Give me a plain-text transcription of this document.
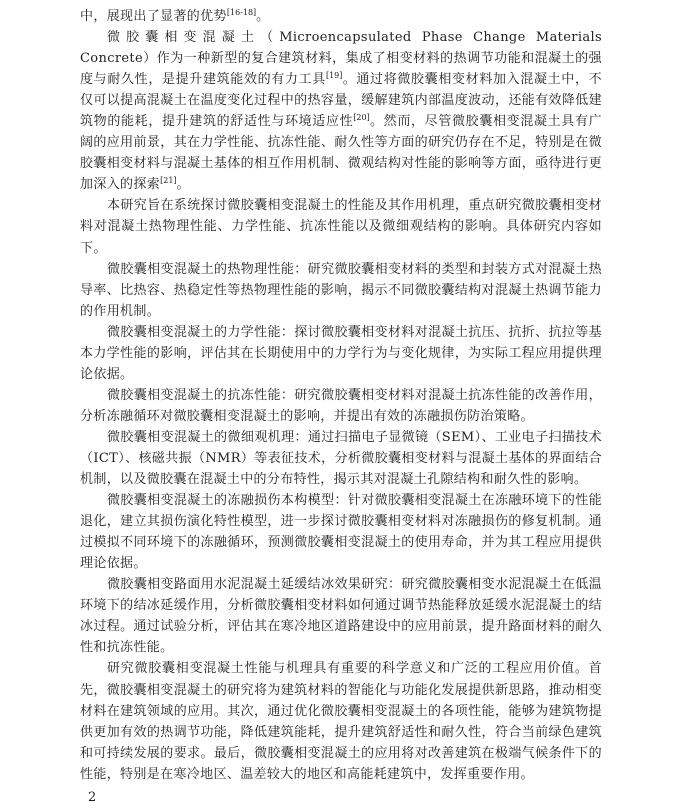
中，展现出了显著的优势[16-18]。

微胶囊相变混凝土（Microencapsulated Phase Change Materials Concrete）作为一种新型的复合建筑材料，集成了相变材料的热调节功能和混凝土的强度与耐久性，是提升建筑能效的有力工具[19]。通过将微胶囊相变材料加入混凝土中，不仅可以提高混凝土在温度变化过程中的热容量，缓解建筑内部温度波动，还能有效降低建筑物的能耗，提升建筑的舒适性与环境适应性[20]。然而，尽管微胶囊相变混凝土具有广阔的应用前景，其在力学性能、抗冻性能、耐久性等方面的研究仍存在不足，特别是在微胶囊相变材料与混凝土基体的相互作用机制、微观结构对性能的影响等方面，亟待进行更加深入的探索[21]。

本研究旨在系统探讨微胶囊相变混凝土的性能及其作用机理，重点研究微胶囊相变材料对混凝土热物理性能、力学性能、抗冻性能以及微细观结构的影响。具体研究内容如下。

微胶囊相变混凝土的热物理性能：研究微胶囊相变材料的类型和封装方式对混凝土热导率、比热容、热稳定性等热物理性能的影响，揭示不同微胶囊结构对混凝土热调节能力的作用机制。

微胶囊相变混凝土的力学性能：探讨微胶囊相变材料对混凝土抗压、抗折、抗拉等基本力学性能的影响，评估其在长期使用中的力学行为与变化规律，为实际工程应用提供理论依据。

微胶囊相变混凝土的抗冻性能：研究微胶囊相变材料对混凝土抗冻性能的改善作用，分析冻融循环对微胶囊相变混凝土的影响，并提出有效的冻融损伤防治策略。

微胶囊相变混凝土的微细观机理：通过扫描电子显微镜（SEM）、工业电子扫描技术（ICT）、核磁共振（NMR）等表征技术，分析微胶囊相变材料与混凝土基体的界面结合机制，以及微胶囊在混凝土中的分布特性，揭示其对混凝土孔隙结构和耐久性的影响。

微胶囊相变混凝土的冻融损伤本构模型：针对微胶囊相变混凝土在冻融环境下的性能退化，建立其损伤演化特性模型，进一步探讨微胶囊相变材料对冻融损伤的修复机制。通过模拟不同环境下的冻融循环，预测微胶囊相变混凝土的使用寿命，并为其工程应用提供理论依据。

微胶囊相变路面用水泥混凝土延缓结冰效果研究：研究微胶囊相变水泥混凝土在低温环境下的结冰延缓作用，分析微胶囊相变材料如何通过调节热能释放延缓水泥混凝土的结冰过程。通过试验分析，评估其在寒冷地区道路建设中的应用前景，提升路面材料的耐久性和抗冻性能。

研究微胶囊相变混凝土性能与机理具有重要的科学意义和广泛的工程应用价值。首先，微胶囊相变混凝土的研究将为建筑材料的智能化与功能化发展提供新思路，推动相变材料在建筑领域的应用。其次，通过优化微胶囊相变混凝土的各项性能，能够为建筑物提供更加有效的热调节功能，降低建筑能耗，提升建筑舒适性和耐久性，符合当前绿色建筑和可持续发展的要求。最后，微胶囊相变混凝土的应用将对改善建筑在极端气候条件下的性能，特别是在寒冷地区、温差较大的地区和高能耗建筑中，发挥重要作用。

2
